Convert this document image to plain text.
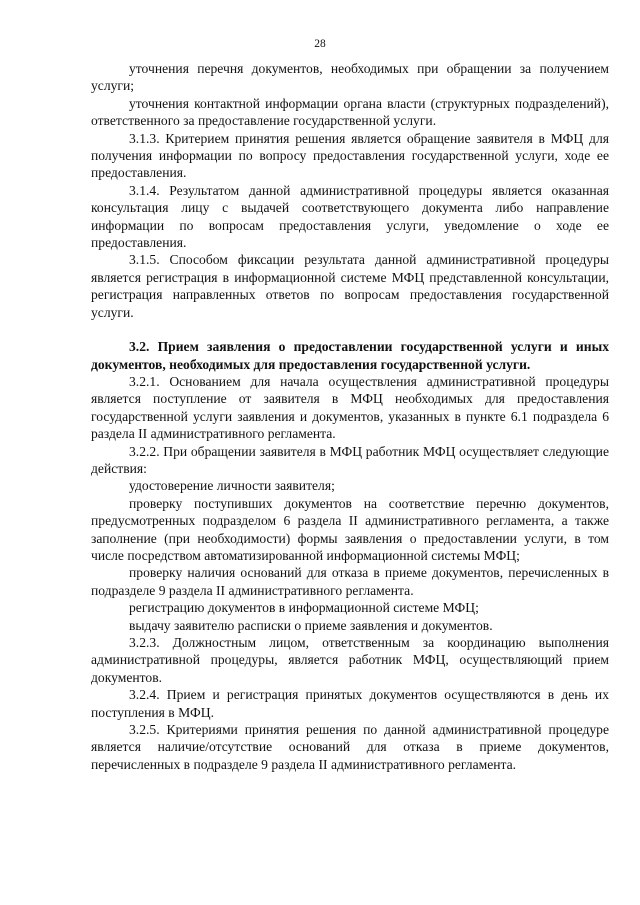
28

уточнения перечня документов, необходимых при обращении за получением услуги;

уточнения контактной информации органа власти (структурных подразделений), ответственного за предоставление государственной услуги.

3.1.3. Критерием принятия решения является обращение заявителя в МФЦ для получения информации по вопросу предоставления государственной услуги, ходе ее предоставления.

3.1.4. Результатом данной административной процедуры является оказанная консультация лицу с выдачей соответствующего документа либо направление информации по вопросам предоставления услуги, уведомление о ходе ее предоставления.

3.1.5. Способом фиксации результата данной административной процедуры является регистрация в информационной системе МФЦ представленной консультации, регистрация направленных ответов по вопросам предоставления государственной услуги.

3.2. Прием заявления о предоставлении государственной услуги и иных документов, необходимых для предоставления государственной услуги.

3.2.1. Основанием для начала осуществления административной процедуры является поступление от заявителя в МФЦ необходимых для предоставления государственной услуги заявления и документов, указанных в пункте 6.1 подраздела 6 раздела II административного регламента.

3.2.2. При обращении заявителя в МФЦ работник МФЦ осуществляет следующие действия:

удостоверение личности заявителя;

проверку поступивших документов на соответствие перечню документов, предусмотренных подразделом 6 раздела II административного регламента, а также заполнение (при необходимости) формы заявления о предоставлении услуги, в том числе посредством автоматизированной информационной системы МФЦ;

проверку наличия оснований для отказа в приеме документов, перечисленных в подразделе 9 раздела II административного регламента.

регистрацию документов в информационной системе МФЦ;

выдачу заявителю расписки о приеме заявления и документов.

3.2.3. Должностным лицом, ответственным за координацию выполнения административной процедуры, является работник МФЦ, осуществляющий прием документов.

3.2.4. Прием и регистрация принятых документов осуществляются в день их поступления в МФЦ.

3.2.5. Критериями принятия решения по данной административной процедуре является наличие/отсутствие оснований для отказа в приеме документов, перечисленных в подразделе 9 раздела II административного регламента.
